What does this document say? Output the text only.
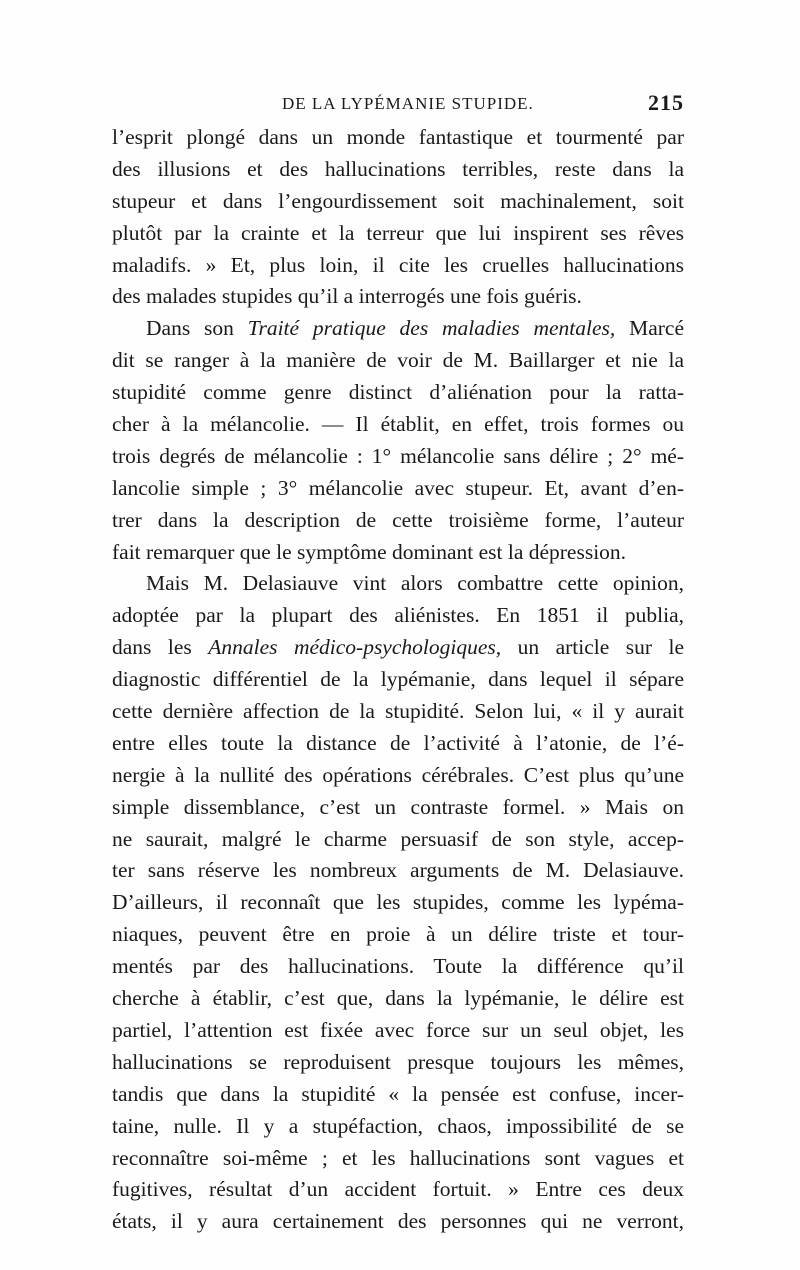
DE LA LYPÉMANIE STUPIDE.	215
l’esprit plongé dans un monde fantastique et tourmenté par
des illusions et des hallucinations terribles, reste dans la
stupeur et dans l’engourdissement soit machinalement, soit
plutôt par la crainte et la terreur que lui inspirent ses rêves
maladifs. » Et, plus loin, il cite les cruelles hallucinations
des malades stupides qu’il a interrogés une fois guéris.
Dans son Traité pratique des maladies mentales, Marcé
dit se ranger à la manière de voir de M. Baillarger et nie la
stupidité comme genre distinct d’aliénation pour la ratta-
cher à la mélancolie. — Il établit, en effet, trois formes ou
trois degrés de mélancolie : 1° mélancolie sans délire ; 2° mé-
lancolie simple ; 3° mélancolie avec stupeur. Et, avant d’en-
trer dans la description de cette troisième forme, l’auteur
fait remarquer que le symptôme dominant est la dépression.
Mais M. Delasiauve vint alors combattre cette opinion,
adoptée par la plupart des aliénistes. En 1851 il publia,
dans les Annales médico-psychologiques, un article sur le
diagnostic différentiel de la lypémanie, dans lequel il sépare
cette dernière affection de la stupidité. Selon lui, « il y aurait
entre elles toute la distance de l’activité à l’atonie, de l’é-
nergie à la nullité des opérations cérébrales. C’est plus qu’une
simple dissemblance, c’est un contraste formel. » Mais on
ne saurait, malgré le charme persuasif de son style, accep-
ter sans réserve les nombreux arguments de M. Delasiauve.
D’ailleurs, il reconnaît que les stupides, comme les lypéma-
niaques, peuvent être en proie à un délire triste et tour-
mentés par des hallucinations. Toute la différence qu’il
cherche à établir, c’est que, dans la lypémanie, le délire est
partiel, l’attention est fixée avec force sur un seul objet, les
hallucinations se reproduisent presque toujours les mêmes,
tandis que dans la stupidité « la pensée est confuse, incer-
taine, nulle. Il y a stupéfaction, chaos, impossibilité de se
reconnaître soi-même ; et les hallucinations sont vagues et
fugitives, résultat d’un accident fortuit. » Entre ces deux
états, il y aura certainement des personnes qui ne verront,
